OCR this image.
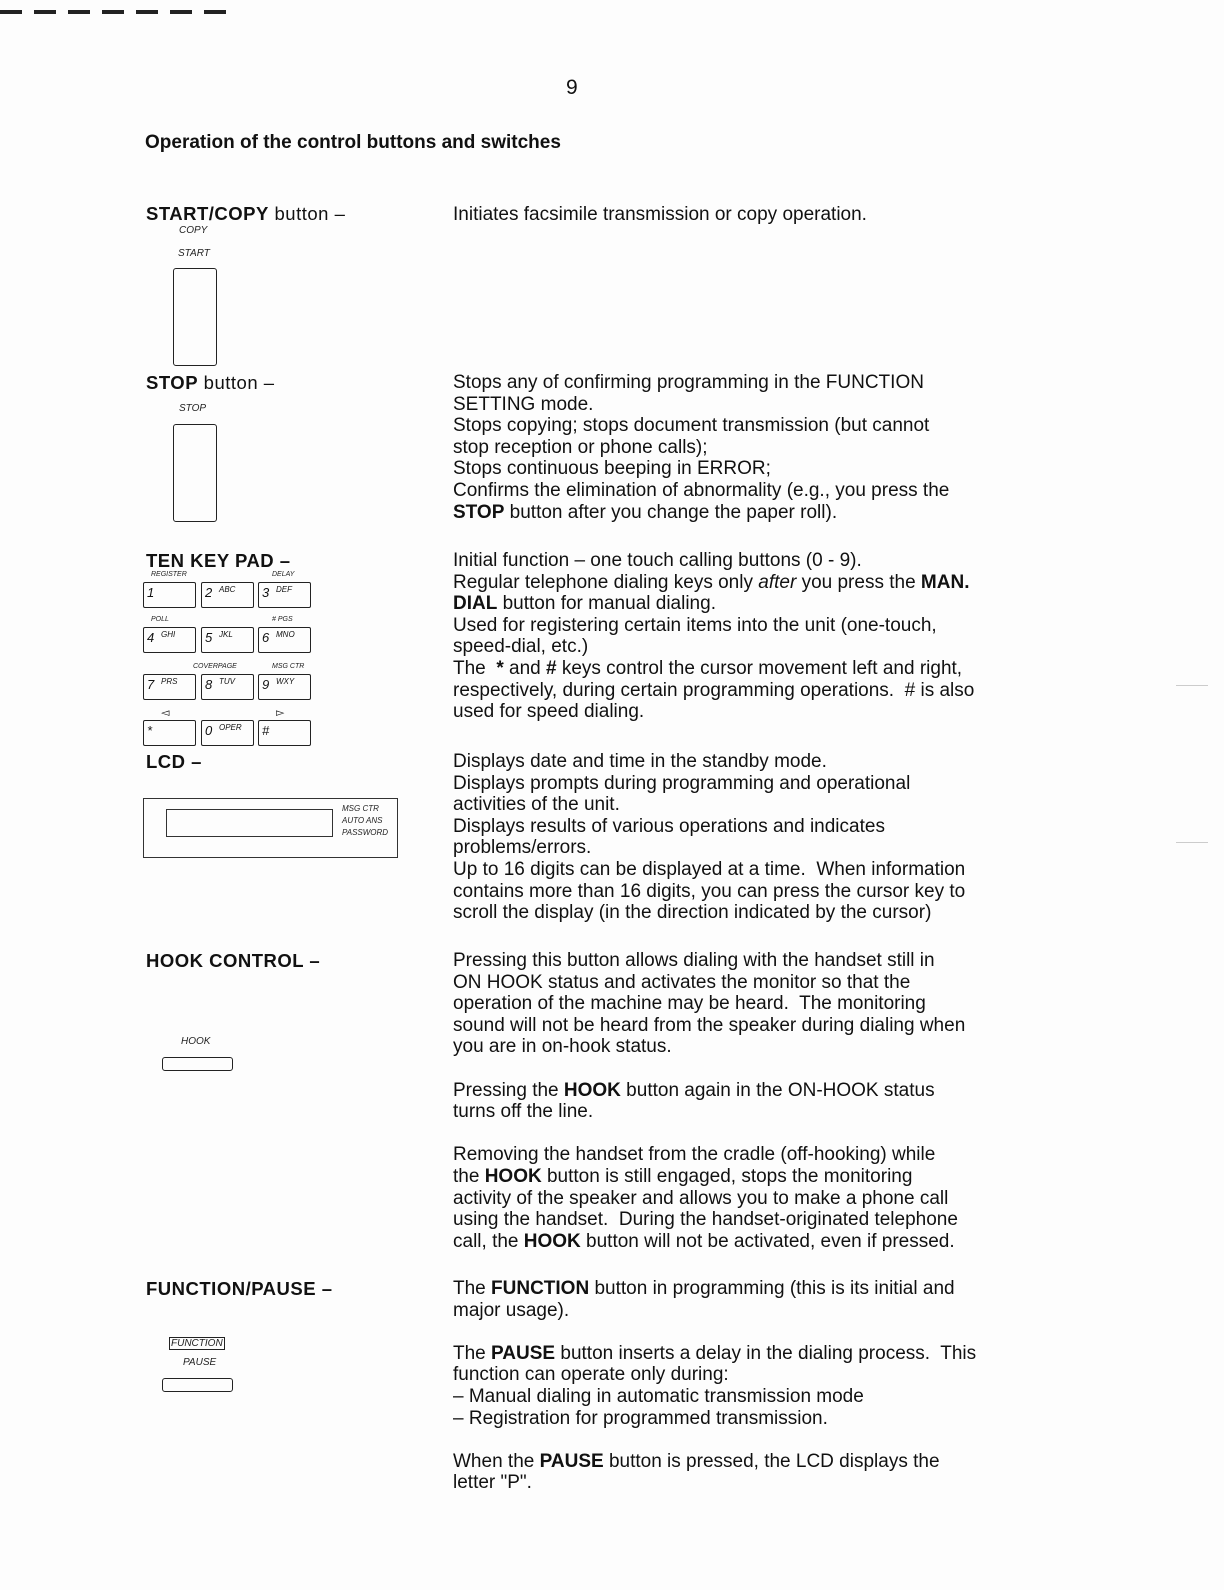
9
Operation of the control buttons and switches
START/COPY button –	Initiates facsimile transmission or copy operation.
STOP button –	Stops any of confirming programming in the FUNCTION
SETTING mode.
Stops copying; stops document transmission (but cannot
stop reception or phone calls);
Stops continuous beeping in ERROR;
Confirms the elimination of abnormality (e.g., you press the
STOP button after you change the paper roll).
TEN KEY PAD –	Initial function – one touch calling buttons (0 - 9).
Regular telephone dialing keys only after you press the MAN.
DIAL button for manual dialing.
Used for registering certain items into the unit (one-touch,
speed-dial, etc.)
The  * and # keys control the cursor movement left and right,
respectively, during certain programming operations.  # is also
used for speed dialing.
LCD –	Displays date and time in the standby mode.
Displays prompts during programming and operational
activities of the unit.
Displays results of various operations and indicates
problems/errors.
Up to 16 digits can be displayed at a time.  When information
contains more than 16 digits, you can press the cursor key to
scroll the display (in the direction indicated by the cursor)
HOOK CONTROL –	Pressing this button allows dialing with the handset still in
ON HOOK status and activates the monitor so that the
operation of the machine may be heard.  The monitoring
sound will not be heard from the speaker during dialing when
you are in on-hook status.
Pressing the HOOK button again in the ON-HOOK status
turns off the line.
Removing the handset from the cradle (off-hooking) while
the HOOK button is still engaged, stops the monitoring
activity of the speaker and allows you to make a phone call
using the handset.  During the handset-originated telephone
call, the HOOK button will not be activated, even if pressed.
FUNCTION/PAUSE –	The FUNCTION button in programming (this is its initial and
major usage).
The PAUSE button inserts a delay in the dialing process.  This
function can operate only during:
– Manual dialing in automatic transmission mode
– Registration for programmed transmission.
When the PAUSE button is pressed, the LCD displays the
letter "P".
COPY
START
STOP
1	2 ABC 3 DEF
4 GHI 5 JKL 6 MNO
7 PRS 8 TUV 9 WXY
*	0 OPER #
REGISTER	DELAY
POLL	# PGS
COVERPAGE	MSG CTR
◅	▻
MSG CTR
AUTO ANS
PASSWORD
HOOK
FUNCTION
PAUSE
